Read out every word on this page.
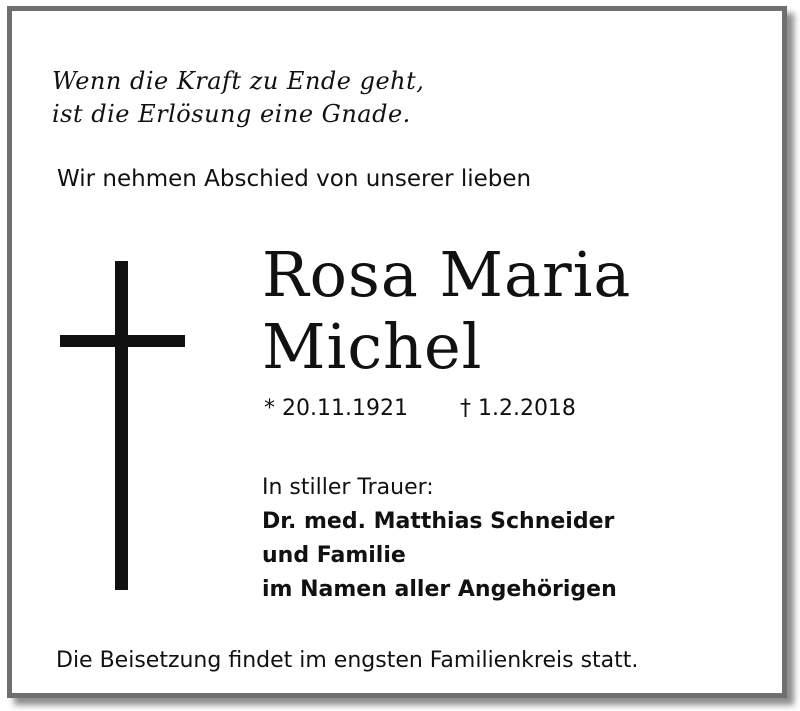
Wenn die Kraft zu Ende geht,
ist die Erlösung eine Gnade.
Wir nehmen Abschied von unserer lieben
Rosa Maria
Michel
* 20.11.1921 † 1.2.2018
In stiller Trauer:
Dr. med. Matthias Schneider
und Familie
im Namen aller Angehörigen
Die Beisetzung findet im engsten Familienkreis statt.
